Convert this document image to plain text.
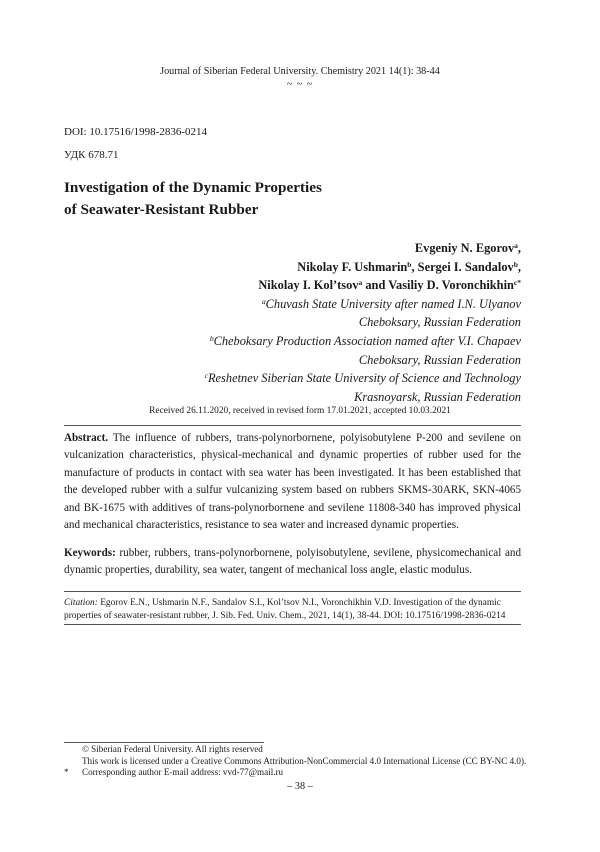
Journal of Siberian Federal University. Chemistry 2021 14(1): 38-44
~ ~ ~
DOI: 10.17516/1998-2836-0214
УДК 678.71
Investigation of the Dynamic Properties
of Seawater-Resistant Rubber
Evgeniy N. Egorov$^a$,
Nikolay F. Ushmarin$^b$, Sergei I. Sandalov$^b$,
Nikolay I. Kol’tsov$^a$ and Vasiliy D. Voronchikhin$^{c*}$
$^a$Chuvash State University after named I.N. Ulyanov
Cheboksary, Russian Federation
$^b$Cheboksary Production Association named after V.I. Chapaev
Cheboksary, Russian Federation
$^c$Reshetnev Siberian State University of Science and Technology
Krasnoyarsk, Russian Federation
Received 26.11.2020, received in revised form 17.01.2021, accepted 10.03.2021
Abstract. The influence of rubbers, trans-polynorbornene, polyisobutylene P-200 and sevilene on vulcanization characteristics, physical-mechanical and dynamic properties of rubber used for the manufacture of products in contact with sea water has been investigated. It has been established that the developed rubber with a sulfur vulcanizing system based on rubbers SKMS-30ARK, SKN-4065 and BK-1675 with additives of trans-polynorbornene and sevilene 11808-340 has improved physical and mechanical characteristics, resistance to sea water and increased dynamic properties.
Keywords: rubber, rubbers, trans-polynorbornene, polyisobutylene, sevilene, physicomechanical and dynamic properties, durability, sea water, tangent of mechanical loss angle, elastic modulus.
Citation: Egorov E.N., Ushmarin N.F., Sandalov S.I., Kol’tsov N.I., Voronchikhin V.D. Investigation of the dynamic properties of seawater-resistant rubber, J. Sib. Fed. Univ. Chem., 2021, 14(1), 38-44. DOI: 10.17516/1998-2836-0214
© Siberian Federal University. All rights reserved
This work is licensed under a Creative Commons Attribution-NonCommercial 4.0 International License (CC BY-NC 4.0).
* Corresponding author E-mail address: vvd-77@mail.ru
– 38 –
